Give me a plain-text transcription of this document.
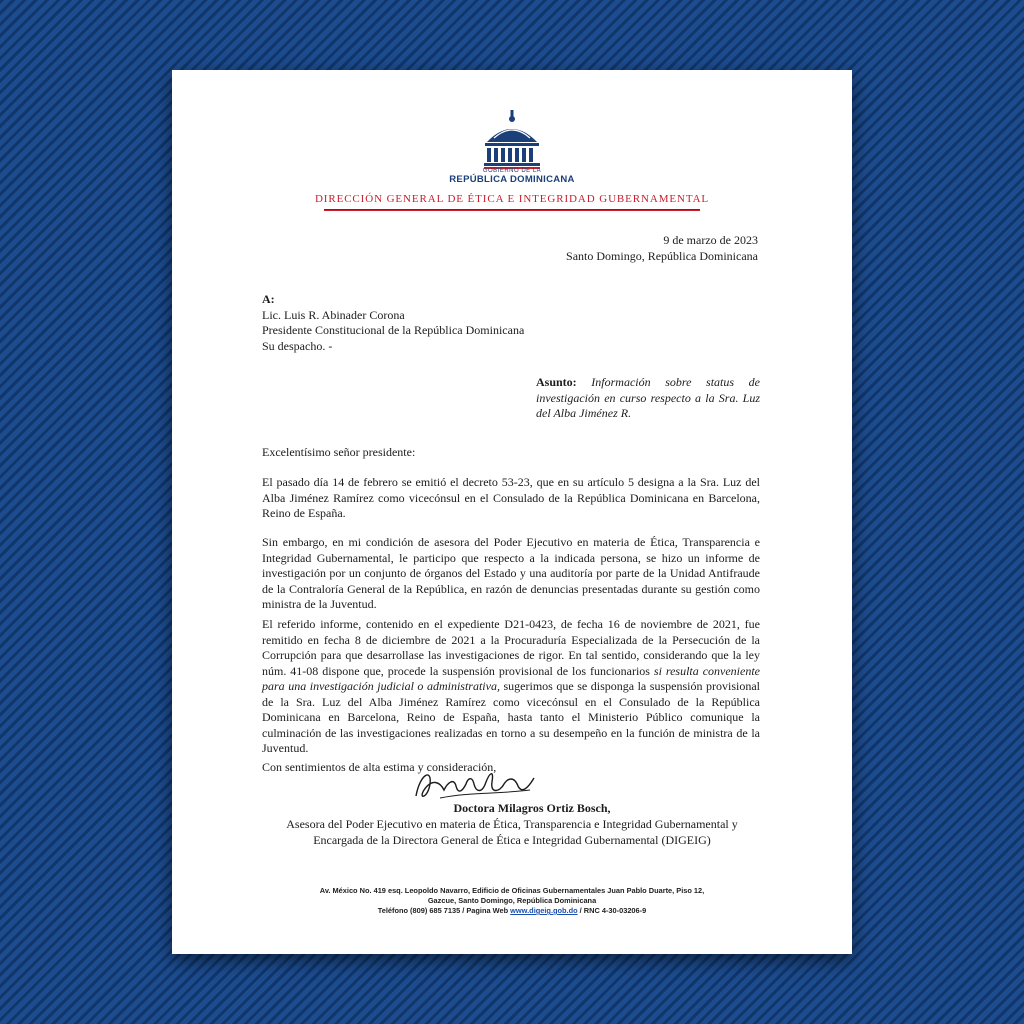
GOBIERNO DE LA
REPÚBLICA DOMINICANA
DIRECCIÓN GENERAL DE ÉTICA E INTEGRIDAD GUBERNAMENTAL
9 de marzo de 2023
Santo Domingo, República Dominicana
A:
Lic. Luis R. Abinader Corona
Presidente Constitucional de la República Dominicana
Su despacho. -
Asunto: Información sobre status de investigación en curso respecto a la Sra. Luz del Alba Jiménez R.
Excelentísimo señor presidente:
El pasado día 14 de febrero se emitió el decreto 53-23, que en su artículo 5 designa a la Sra. Luz del Alba Jiménez Ramírez como vicecónsul en el Consulado de la República Dominicana en Barcelona, Reino de España.
Sin embargo, en mi condición de asesora del Poder Ejecutivo en materia de Ética, Transparencia e Integridad Gubernamental, le participo que respecto a la indicada persona, se hizo un informe de investigación por un conjunto de órganos del Estado y una auditoría por parte de la Unidad Antifraude de la Contraloría General de la República, en razón de denuncias presentadas durante su gestión como ministra de la Juventud.
El referido informe, contenido en el expediente D21-0423, de fecha 16 de noviembre de 2021, fue remitido en fecha 8 de diciembre de 2021 a la Procuraduría Especializada de la Persecución de la Corrupción para que desarrollase las investigaciones de rigor. En tal sentido, considerando que la ley núm. 41-08 dispone que, procede la suspensión provisional de los funcionarios si resulta conveniente para una investigación judicial o administrativa, sugerimos que se disponga la suspensión provisional de la Sra. Luz del Alba Jiménez Ramírez como vicecónsul en el Consulado de la República Dominicana en Barcelona, Reino de España, hasta tanto el Ministerio Público comunique la culminación de las investigaciones realizadas en torno a su desempeño en la función de ministra de la Juventud.
Con sentimientos de alta estima y consideración,
Doctora Milagros Ortiz Bosch,
Asesora del Poder Ejecutivo en materia de Ética, Transparencia e Integridad Gubernamental y
Encargada de la Directora General de Ética e Integridad Gubernamental (DIGEIG)
Av. México No. 419 esq. Leopoldo Navarro, Edificio de Oficinas Gubernamentales Juan Pablo Duarte, Piso 12,
Gazcue, Santo Domingo, República Dominicana
Teléfono (809) 685 7135 / Pagina Web www.digeig.gob.do / RNC 4-30-03206-9
